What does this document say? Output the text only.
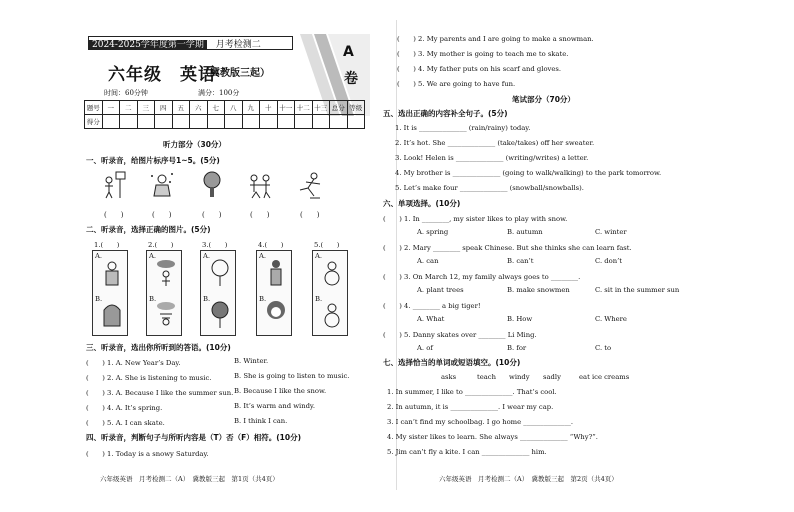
2024-2025学年度第一学期 月考检测二	A
卷
六年级　英语
（冀教版三起）
时间：60分钟	满分：100分
题号	一	二	三	四	五	六	七	八	九	十	十一	十二	十三	总分	等级
得分															
听力部分（30分）
一、听录音，给图片标序号1~5。(5分)
(　　)	(　　)	(　　)	(　　)	(　　)
二、听录音，选择正确的图片。(5分)
1.(　　)	2.(　　)	3.(　　)	4.(　　)	5.(　　)
A.
B.
A.
B.
A.
B.
A.
B.
A.
B.
三、听录音，选出你所听到的答语。(10分)
(　　) 1. A. New Year’s Day.	B. Winter.
(　　) 2. A. She is listening to music.	B. She is going to listen to music.
(　　) 3. A. Because I like the summer sun. B. Because I like the snow.
(　　) 4. A. It’s spring.	B. It’s warm and windy.
(　　) 5. A. I can skate.	B. I think I can.
四、听录音，判断句子与所听内容是（T）否（F）相符。(10分)
(　　) 1. Today is a snowy Saturday.
六年级英语　月考检测二（A）　冀教版三起　第1页（共4页）
(　　) 2. My parents and I are going to make a snowman.
(　　) 3. My mother is going to teach me to skate.
(　　) 4. My father puts on his scarf and gloves.
(　　) 5. We are going to have fun.
笔试部分（70分）
五、选出正确的内容补全句子。(5分)
1. It is ______________ (rain/rainy) today.
2. It’s hot. She ______________ (take/takes) off her sweater.
3. Look! Helen is ______________ (writing/writes) a letter.
4. My brother is ______________ (going to walk/walking) to the park tomorrow.
5. Let’s make four ______________ (snowball/snowballs).
六、单项选择。(10分)
(　　) 1. In ________, my sister likes to play with snow.
A. spring	B. autumn	C. winter
(　　) 2. Mary ________ speak Chinese. But she thinks she can learn fast.
A. can	B. can’t	C. don’t
(　　) 3. On March 12, my family always goes to ________.
A. plant trees	B. make snowmen	C. sit in the summer sun
(　　) 4. ________ a big tiger!
A. What	B. How	C. Where
(　　) 5. Danny skates over ________ Li Ming.
A. of	B. for	C. to
七、选择恰当的单词或短语填空。(10分)
asks	teach windy sadly	eat ice creams
1. In summer, I like to ______________. That’s cool.
2. In autumn, it is ______________. I wear my cap.
3. I can’t find my schoolbag. I go home ______________.
4. My sister likes to learn. She always ______________ “Why?”.
5. Jim can’t fly a kite. I can ______________ him.
六年级英语　月考检测二（A）　冀教版三起　第2页（共4页）
